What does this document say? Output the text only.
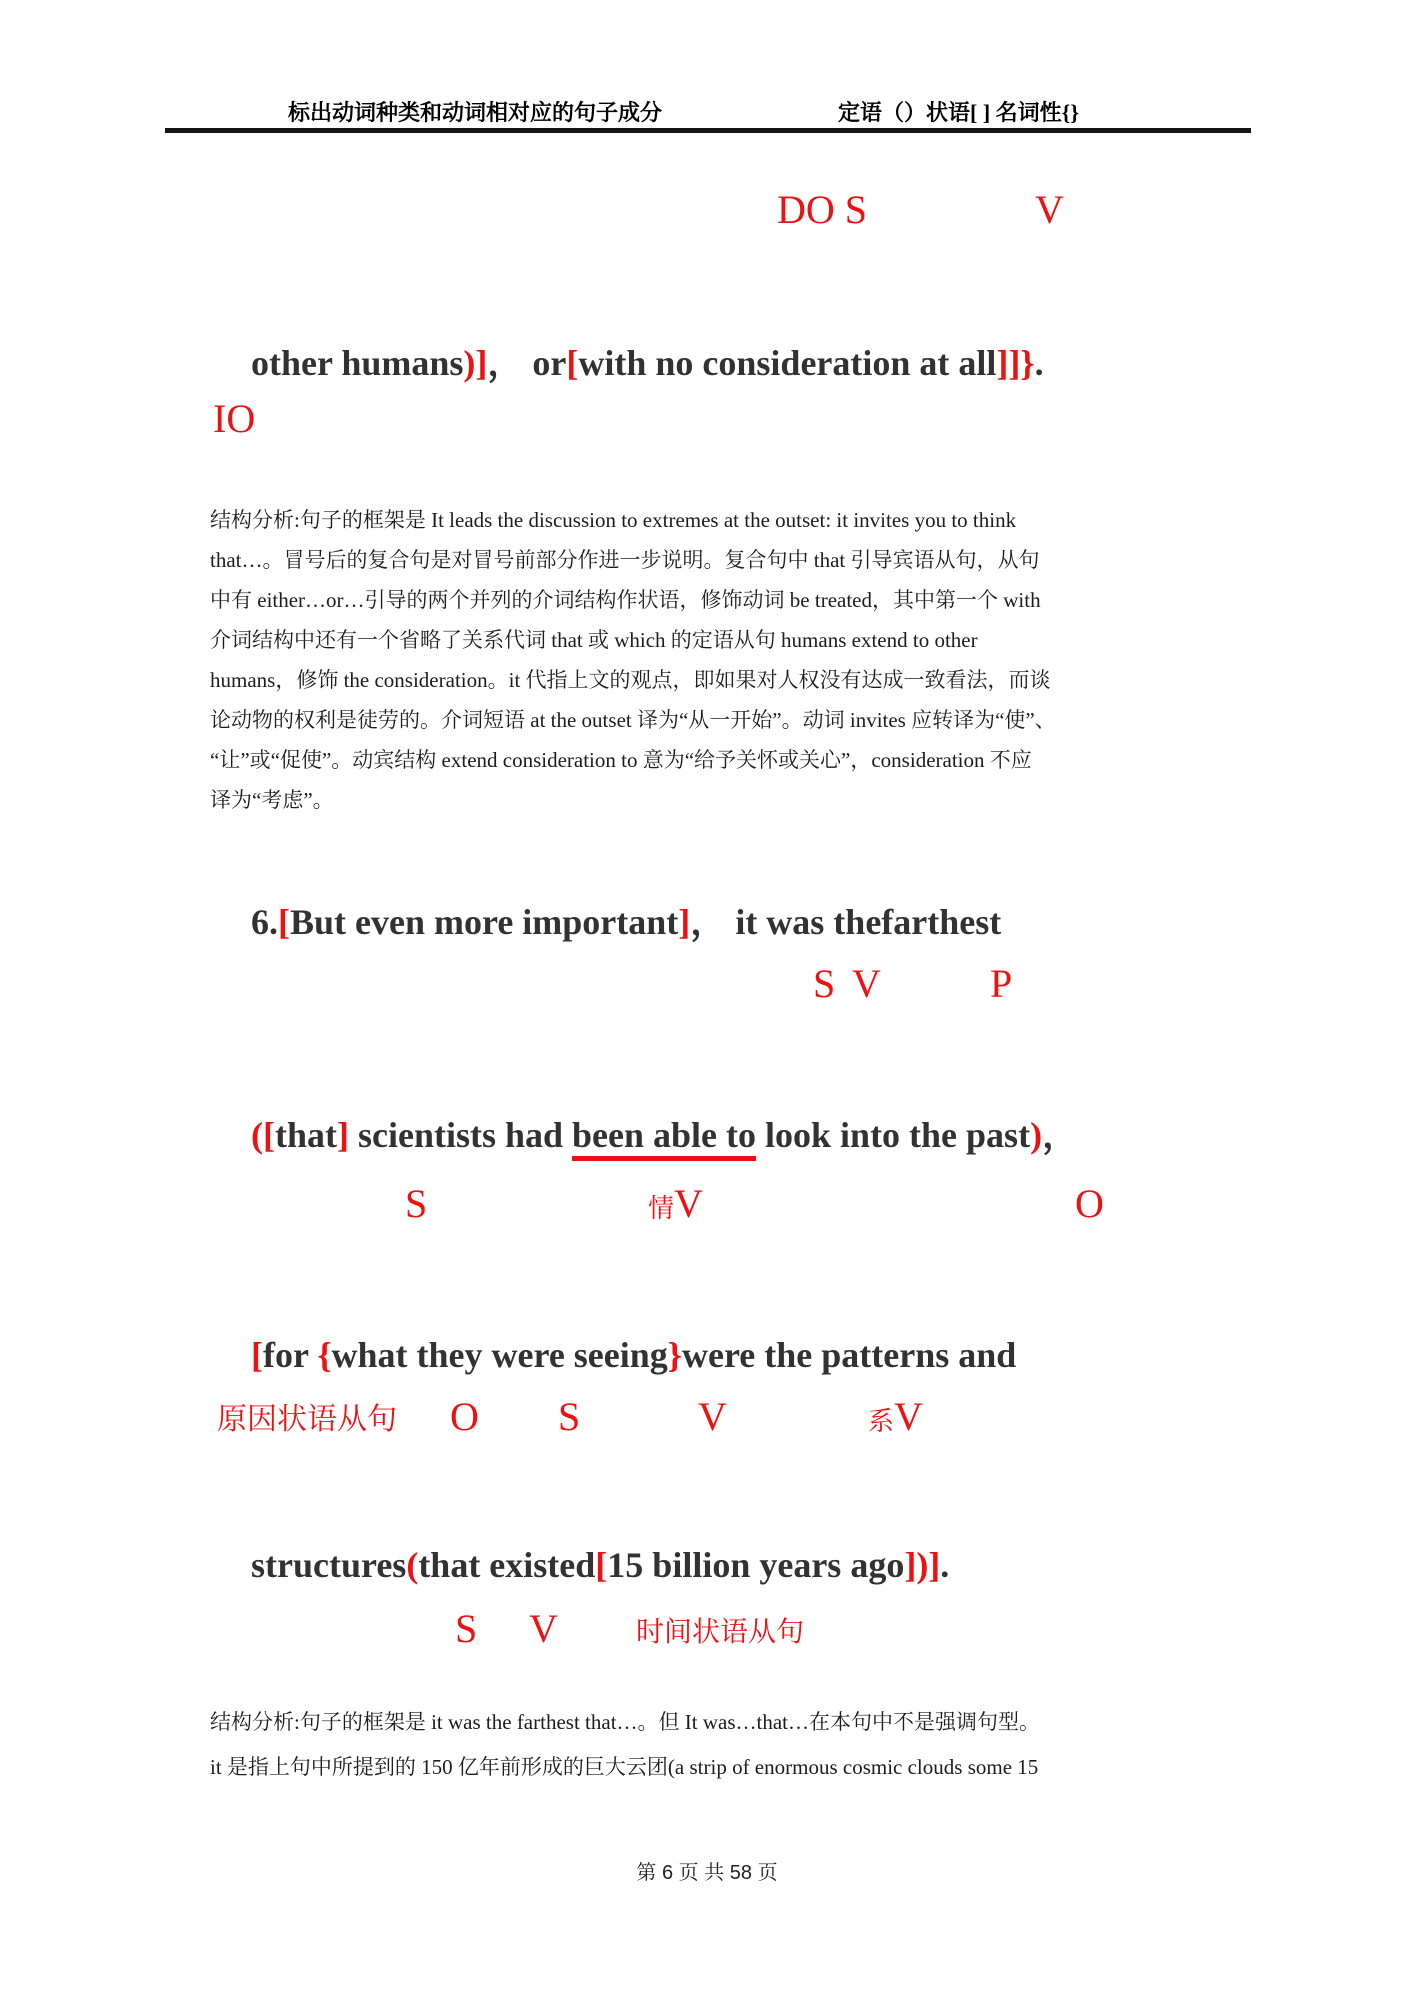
标出动词种类和动词相对应的句子成分	定语（）状语[ ] 名词性{}
DO S	V

other humans)]， or[with no consideration at all]]}.

IO
结构分析:句子的框架是 It leads the discussion to extremes at the outset: it invites you to think
that…。冒号后的复合句是对冒号前部分作进一步说明。复合句中 that 引导宾语从句，从句
中有 either…or…引导的两个并列的介词结构作状语，修饰动词 be treated，其中第一个 with
介词结构中还有一个省略了关系代词 that 或 which 的定语从句 humans extend to other
humans，修饰 the consideration。it 代指上文的观点，即如果对人权没有达成一致看法，而谈
论动物的权利是徒劳的。介词短语 at the outset 译为“从一开始”。动词 invites 应转译为“使”、
“让”或“促使”。动宾结构 extend consideration to 意为“给予关怀或关心”，consideration 不应
译为“考虑”。

6.[But even more important]， it was thefarthest

S V	P

([that] scientists had been able to look into the past)，

S	情V	O

[for {what they were seeing}were the patterns and

原因状语从句 O S	V	系V

structures(that existed[15 billion years ago])].

S V	时间状语从句
结构分析:句子的框架是 it was the farthest that…。但 It was…that…在本句中不是强调句型。
it 是指上句中所提到的 150 亿年前形成的巨大云团(a strip of enormous cosmic clouds some 15
第 6 页 共 58 页
